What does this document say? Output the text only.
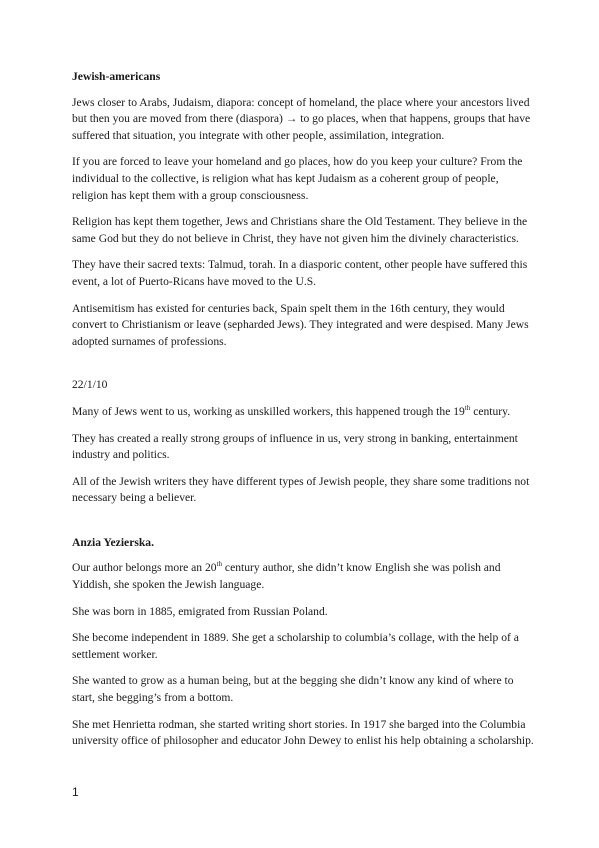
Jewish-americans

Jews closer to Arabs, Judaism, diapora: concept of homeland, the place where your ancestors lived but then you are moved from there (diaspora) → to go places, when that happens, groups that have suffered that situation, you integrate with other people, assimilation, integration.

If you are forced to leave your homeland and go places, how do you keep your culture? From the individual to the collective, is religion what has kept Judaism as a coherent group of people, religion has kept them with a group consciousness.

Religion has kept them together, Jews and Christians share the Old Testament. They believe in the same God but they do not believe in Christ, they have not given him the divinely characteristics.

They have their sacred texts: Talmud, torah. In a diasporic content, other people have suffered this event, a lot of Puerto-Ricans have moved to the U.S.

Antisemitism has existed for centuries back, Spain spelt them in the 16th century, they would convert to Christianism or leave (sepharded Jews). They integrated and were despised. Many Jews adopted surnames of professions.

22/1/10

Many of Jews went to us, working as unskilled workers, this happened trough the 19th century.

They has created a really strong groups of influence in us, very strong in banking, entertainment industry and politics.

All of the Jewish writers they have different types of Jewish people, they share some traditions not necessary being a believer.

Anzia Yezierska.

Our author belongs more an 20th century author, she didn’t know English she was polish and Yiddish, she spoken the Jewish language.

She was born in 1885, emigrated from Russian Poland.

She become independent in 1889. She get a scholarship to columbia’s collage, with the help of a settlement worker.

She wanted to grow as a human being, but at the begging she didn’t know any kind of where to start, she begging’s from a bottom.

She met Henrietta rodman, she started writing short stories. In 1917 she barged into the Columbia university office of philosopher and educator John Dewey to enlist his help obtaining a scholarship.

1
